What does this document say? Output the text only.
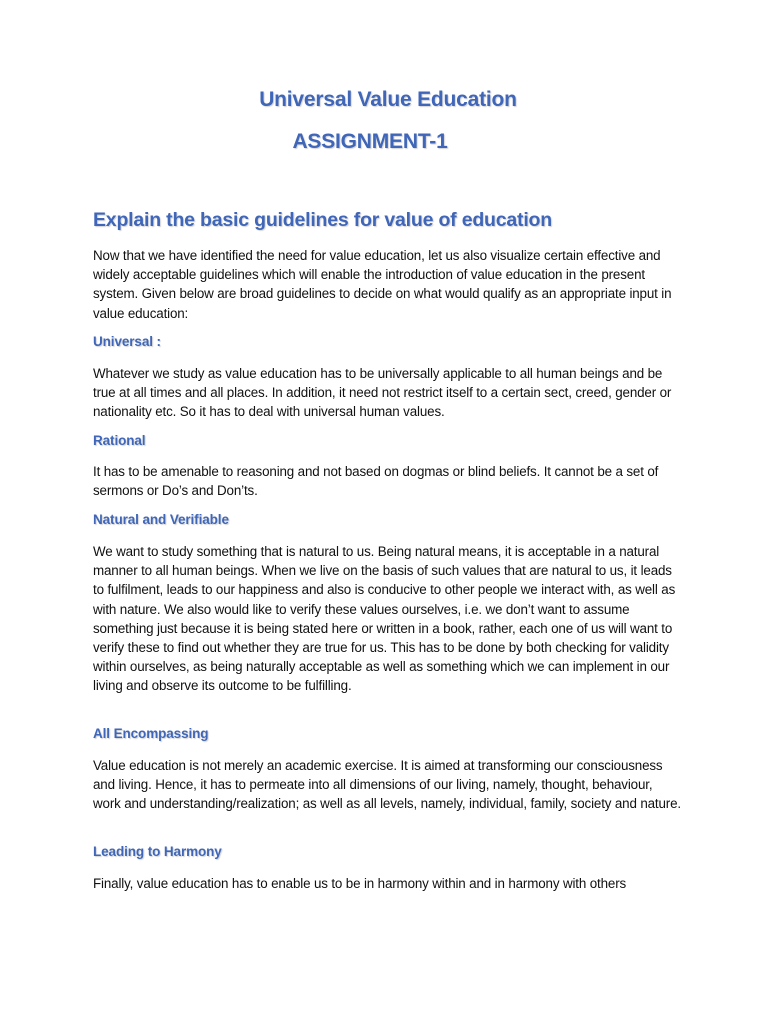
Universal Value Education
ASSIGNMENT-1
Explain the basic guidelines for value of education

Now that we have identified the need for value education, let us also visualize certain effective and widely acceptable guidelines which will enable the introduction of value education in the present system. Given below are broad guidelines to decide on what would qualify as an appropriate input in value education:

Universal :

Whatever we study as value education has to be universally applicable to all human beings and be true at all times and all places. In addition, it need not restrict itself to a certain sect, creed, gender or nationality etc. So it has to deal with universal human values.

Rational

It has to be amenable to reasoning and not based on dogmas or blind beliefs. It cannot be a set of sermons or Do’s and Don’ts.

Natural and Verifiable

We want to study something that is natural to us. Being natural means, it is acceptable in a natural manner to all human beings. When we live on the basis of such values that are natural to us, it leads to fulfilment, leads to our happiness and also is conducive to other people we interact with, as well as with nature. We also would like to verify these values ourselves, i.e. we don’t want to assume something just because it is being stated here or written in a book, rather, each one of us will want to verify these to find out whether they are true for us. This has to be done by both checking for validity within ourselves, as being naturally acceptable as well as something which we can implement in our living and observe its outcome to be fulfilling.

All Encompassing

Value education is not merely an academic exercise. It is aimed at transforming our consciousness and living. Hence, it has to permeate into all dimensions of our living, namely, thought, behaviour, work and understanding/realization; as well as all levels, namely, individual, family, society and nature.

Leading to Harmony

Finally, value education has to enable us to be in harmony within and in harmony with others
